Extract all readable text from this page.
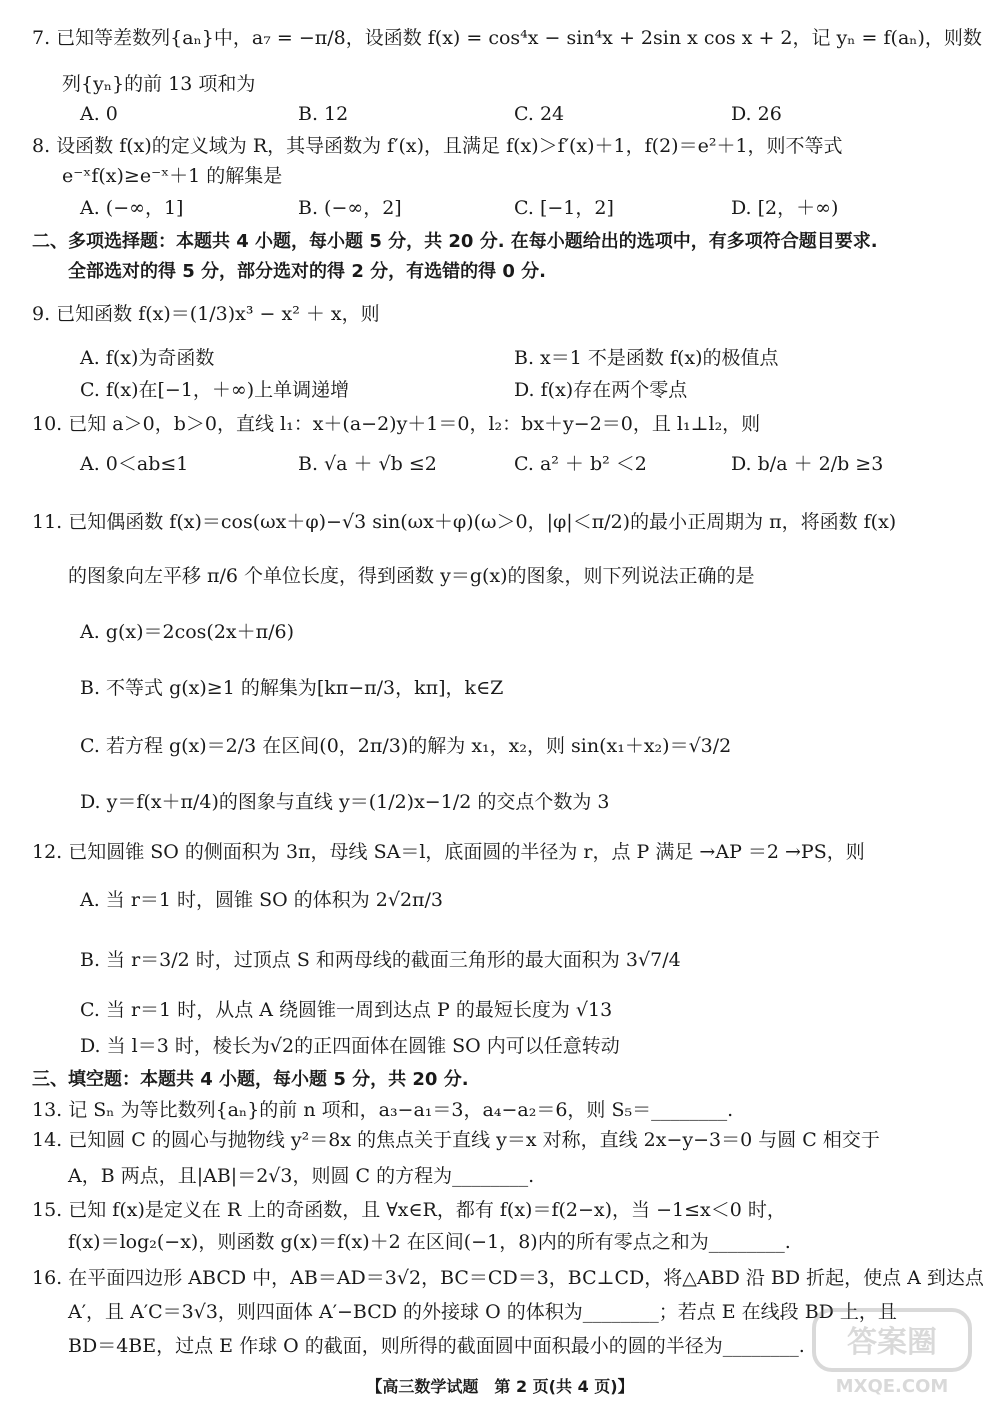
7. 已知等差数列{aₙ}中，a₇ = −π/8，设函数 f(x) = cos⁴x − sin⁴x + 2sin x cos x + 2，记 yₙ = f(aₙ)，则数
列{yₙ}的前 13 项和为
A. 0	B. 12	C. 24	D. 26
8. 设函数 f(x)的定义域为 R，其导函数为 f′(x)，且满足 f(x)＞f′(x)＋1，f(2)＝e²＋1，则不等式
e⁻ˣf(x)≥e⁻ˣ＋1 的解集是
A. (−∞，1]	B. (−∞，2]	C. [−1，2]	D. [2，＋∞)
二、多项选择题：本题共 4 小题，每小题 5 分，共 20 分. 在每小题给出的选项中，有多项符合题目要求.
全部选对的得 5 分，部分选对的得 2 分，有选错的得 0 分.
9. 已知函数 f(x)＝(1/3)x³ − x² ＋ x，则
A. f(x)为奇函数	B. x＝1 不是函数 f(x)的极值点
C. f(x)在[−1，＋∞)上单调递增	D. f(x)存在两个零点
10. 已知 a＞0，b＞0，直线 l₁：x＋(a−2)y＋1＝0，l₂：bx＋y−2＝0，且 l₁⊥l₂，则
A. 0＜ab≤1	B. √a ＋ √b ≤2	C. a² ＋ b² ＜2	D. b/a ＋ 2/b ≥3
11. 已知偶函数 f(x)＝cos(ωx＋φ)−√3 sin(ωx＋φ)(ω＞0，|φ|＜π/2)的最小正周期为 π，将函数 f(x)
的图象向左平移 π/6 个单位长度，得到函数 y＝g(x)的图象，则下列说法正确的是
A. g(x)＝2cos(2x＋π/6)
B. 不等式 g(x)≥1 的解集为[kπ−π/3，kπ]，k∈Z
C. 若方程 g(x)＝2/3 在区间(0，2π/3)的解为 x₁，x₂，则 sin(x₁＋x₂)＝√3/2
D. y＝f(x＋π/4)的图象与直线 y＝(1/2)x−1/2 的交点个数为 3
12. 已知圆锥 SO 的侧面积为 3π，母线 SA＝l，底面圆的半径为 r，点 P 满足 →AP ＝2 →PS，则
A. 当 r＝1 时，圆锥 SO 的体积为 2√2π/3
B. 当 r＝3/2 时，过顶点 S 和两母线的截面三角形的最大面积为 3√7/4
C. 当 r＝1 时，从点 A 绕圆锥一周到达点 P 的最短长度为 √13
D. 当 l＝3 时，棱长为√2的正四面体在圆锥 SO 内可以任意转动
三、填空题：本题共 4 小题，每小题 5 分，共 20 分.
13. 记 Sₙ 为等比数列{aₙ}的前 n 项和，a₃−a₁＝3，a₄−a₂＝6，则 S₅＝________.
14. 已知圆 C 的圆心与抛物线 y²＝8x 的焦点关于直线 y＝x 对称，直线 2x−y−3＝0 与圆 C 相交于
A，B 两点，且|AB|＝2√3，则圆 C 的方程为________.
15. 已知 f(x)是定义在 R 上的奇函数，且 ∀x∈R，都有 f(x)＝f(2−x)，当 −1≤x＜0 时，
f(x)＝log₂(−x)，则函数 g(x)＝f(x)＋2 在区间(−1，8)内的所有零点之和为________.
16. 在平面四边形 ABCD 中，AB＝AD＝3√2，BC＝CD＝3，BC⊥CD，将△ABD 沿 BD 折起，使点 A 到达点
A′，且 A′C＝3√3，则四面体 A′−BCD 的外接球 O 的体积为________；若点 E 在线段 BD 上，且
BD＝4BE，过点 E 作球 O 的截面，则所得的截面圆中面积最小的圆的半径为________.
【高三数学试题　第 2 页(共 4 页)】
答案圈
MXQE.COM
